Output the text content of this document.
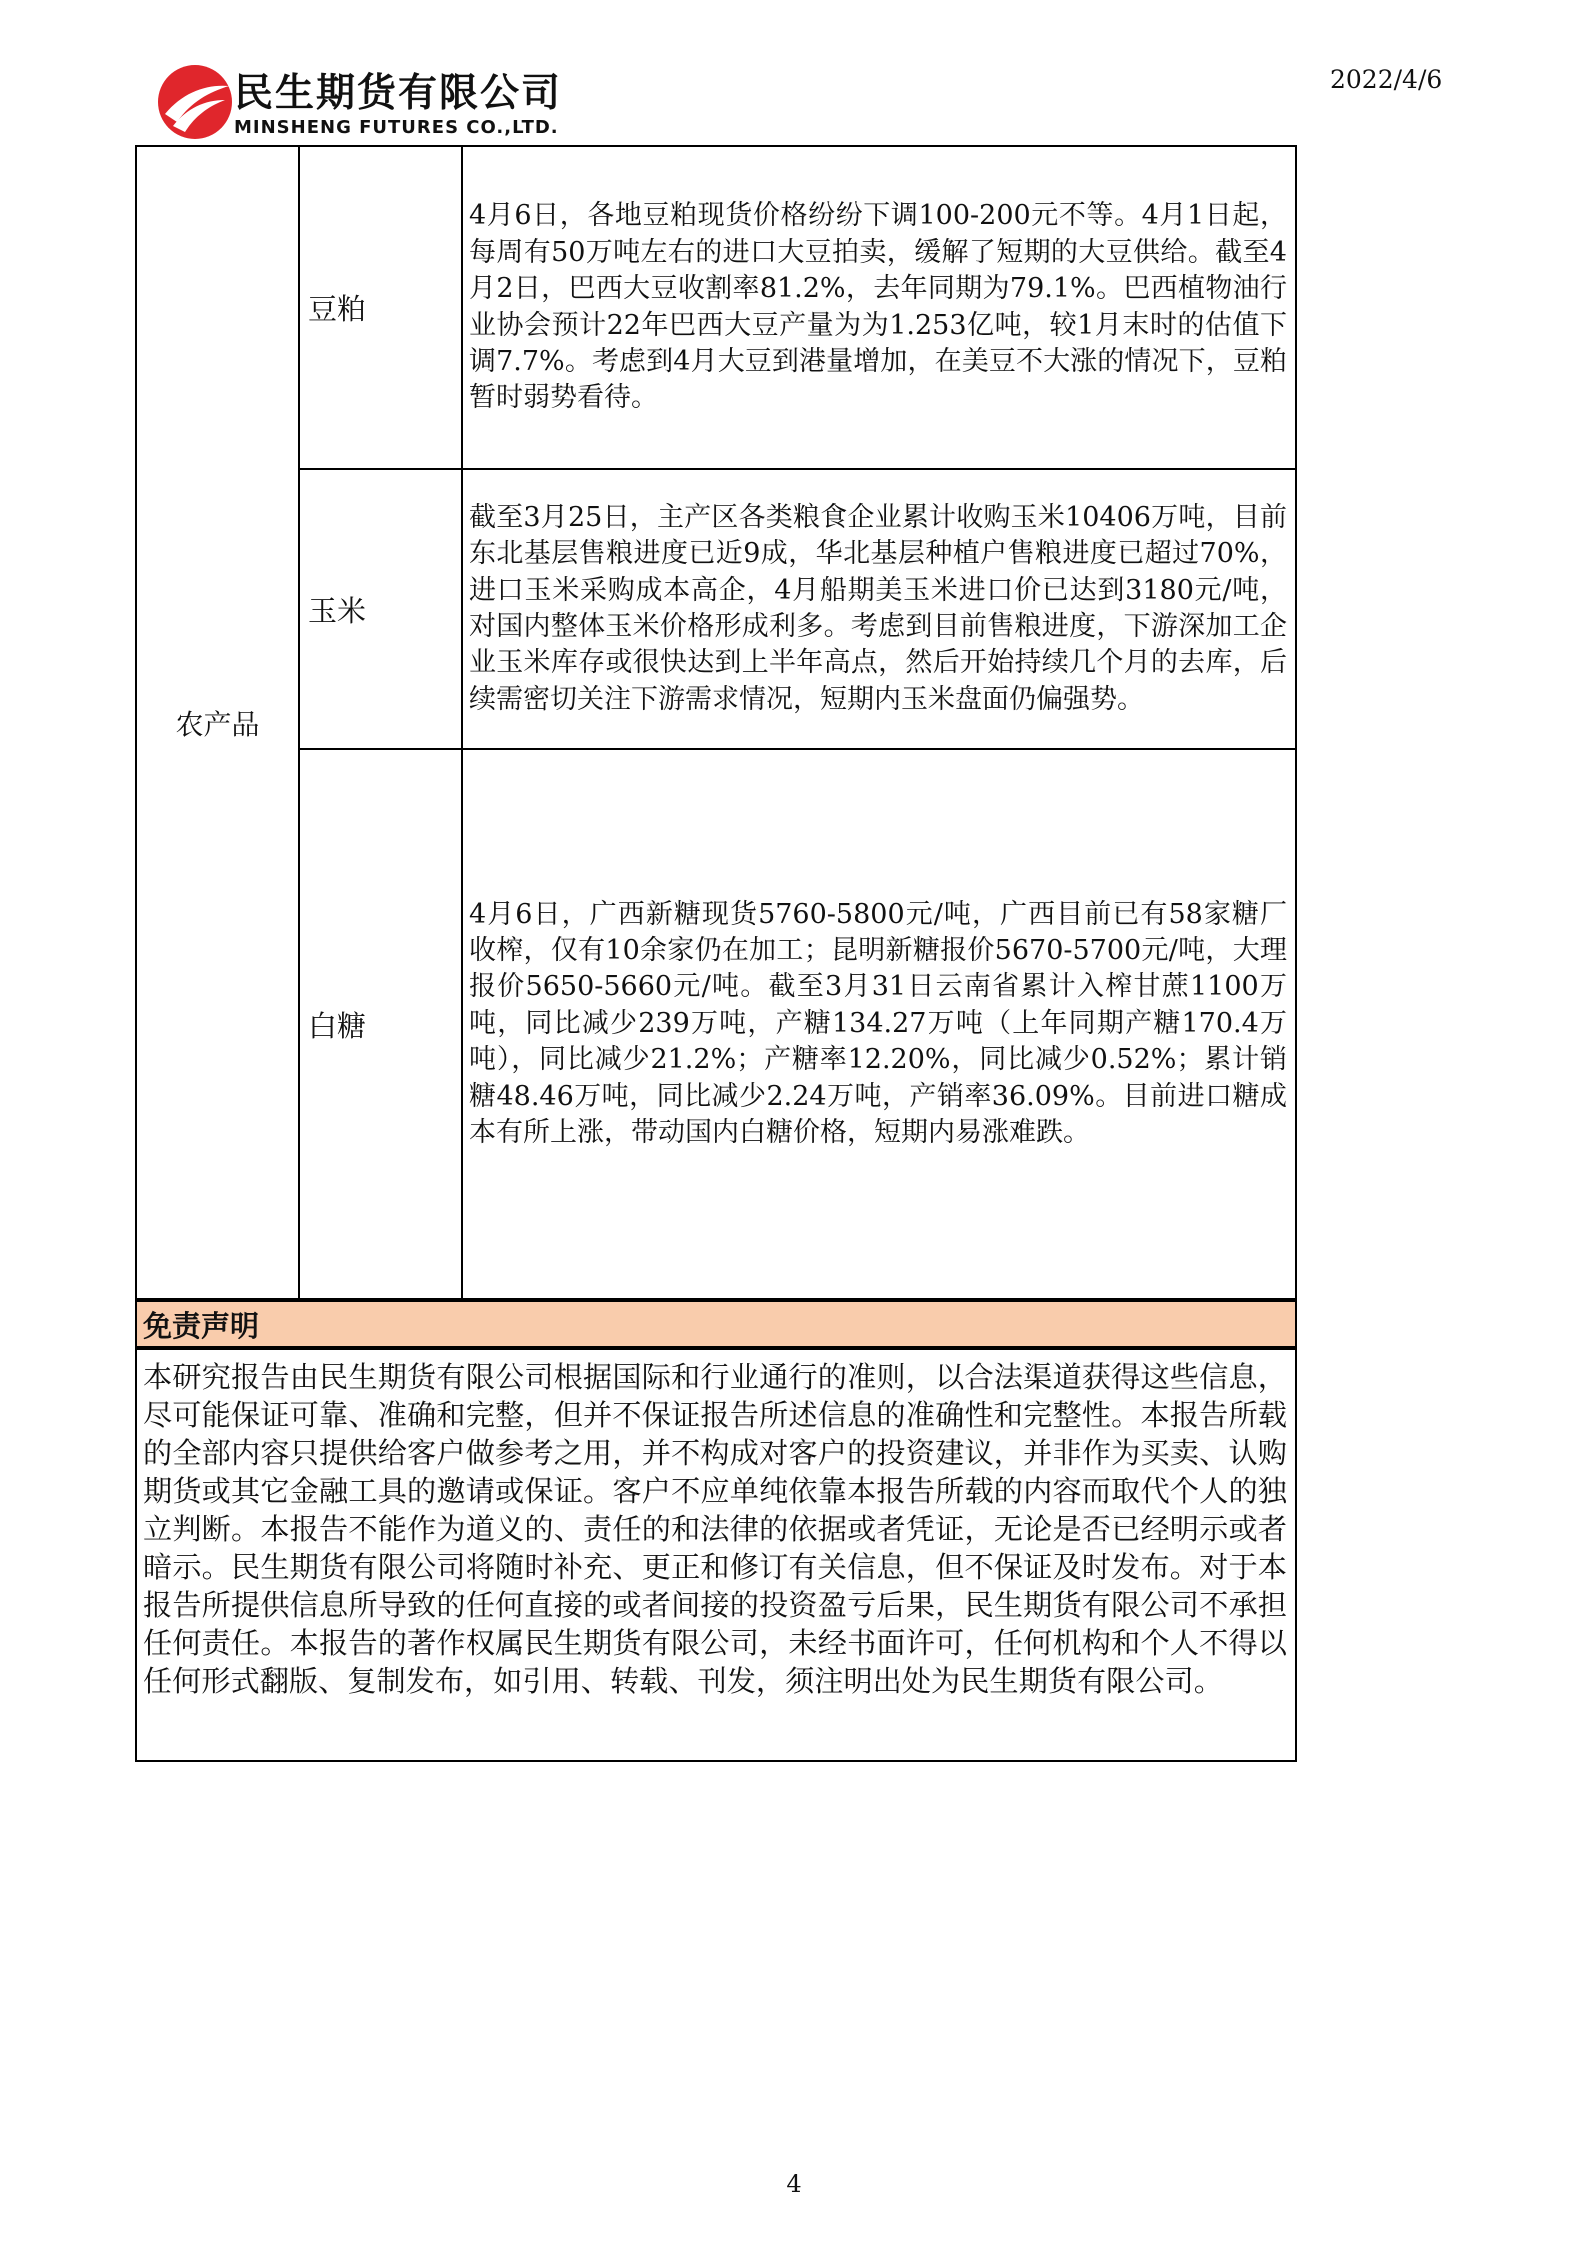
民生期货有限公司
MINSHENG FUTURES CO.,LTD.
2022/4/6
农产品
豆粕

4月6日，各地豆粕现货价格纷纷下调100-200元不等。4月1日起，每周有50万吨左右的进口大豆拍卖，缓解了短期的大豆供给。截至4月2日，巴西大豆收割率81.2%，去年同期为79.1%。巴西植物油行业协会预计22年巴西大豆产量为为1.253亿吨，较1月末时的估值下调7.7%。考虑到4月大豆到港量增加，在美豆不大涨的情况下，豆粕暂时弱势看待。

玉米

截至3月25日，主产区各类粮食企业累计收购玉米10406万吨，目前东北基层售粮进度已近9成，华北基层种植户售粮进度已超过70%，进口玉米采购成本高企，4月船期美玉米进口价已达到3180元/吨，对国内整体玉米价格形成利多。考虑到目前售粮进度，下游深加工企业玉米库存或很快达到上半年高点，然后开始持续几个月的去库，后续需密切关注下游需求情况，短期内玉米盘面仍偏强势。

白糖

4月6日，广西新糖现货5760-5800元/吨，广西目前已有58家糖厂收榨，仅有10余家仍在加工；昆明新糖报价5670-5700元/吨，大理报价5650-5660元/吨。截至3月31日云南省累计入榨甘蔗1100万吨，同比减少239万吨，产糖134.27万吨（上年同期产糖170.4万吨），同比减少21.2%；产糖率12.20%，同比减少0.52%；累计销糖48.46万吨，同比减少2.24万吨，产销率36.09%。目前进口糖成本有所上涨，带动国内白糖价格，短期内易涨难跌。

免责声明

本研究报告由民生期货有限公司根据国际和行业通行的准则，以合法渠道获得这些信息，尽可能保证可靠、准确和完整，但并不保证报告所述信息的准确性和完整性。本报告所载的全部内容只提供给客户做参考之用，并不构成对客户的投资建议，并非作为买卖、认购期货或其它金融工具的邀请或保证。客户不应单纯依靠本报告所载的内容而取代个人的独立判断。本报告不能作为道义的、责任的和法律的依据或者凭证，无论是否已经明示或者暗示。民生期货有限公司将随时补充、更正和修订有关信息，但不保证及时发布。对于本报告所提供信息所导致的任何直接的或者间接的投资盈亏后果，民生期货有限公司不承担任何责任。本报告的著作权属民生期货有限公司，未经书面许可，任何机构和个人不得以任何形式翻版、复制发布，如引用、转载、刊发，须注明出处为民生期货有限公司。

4
